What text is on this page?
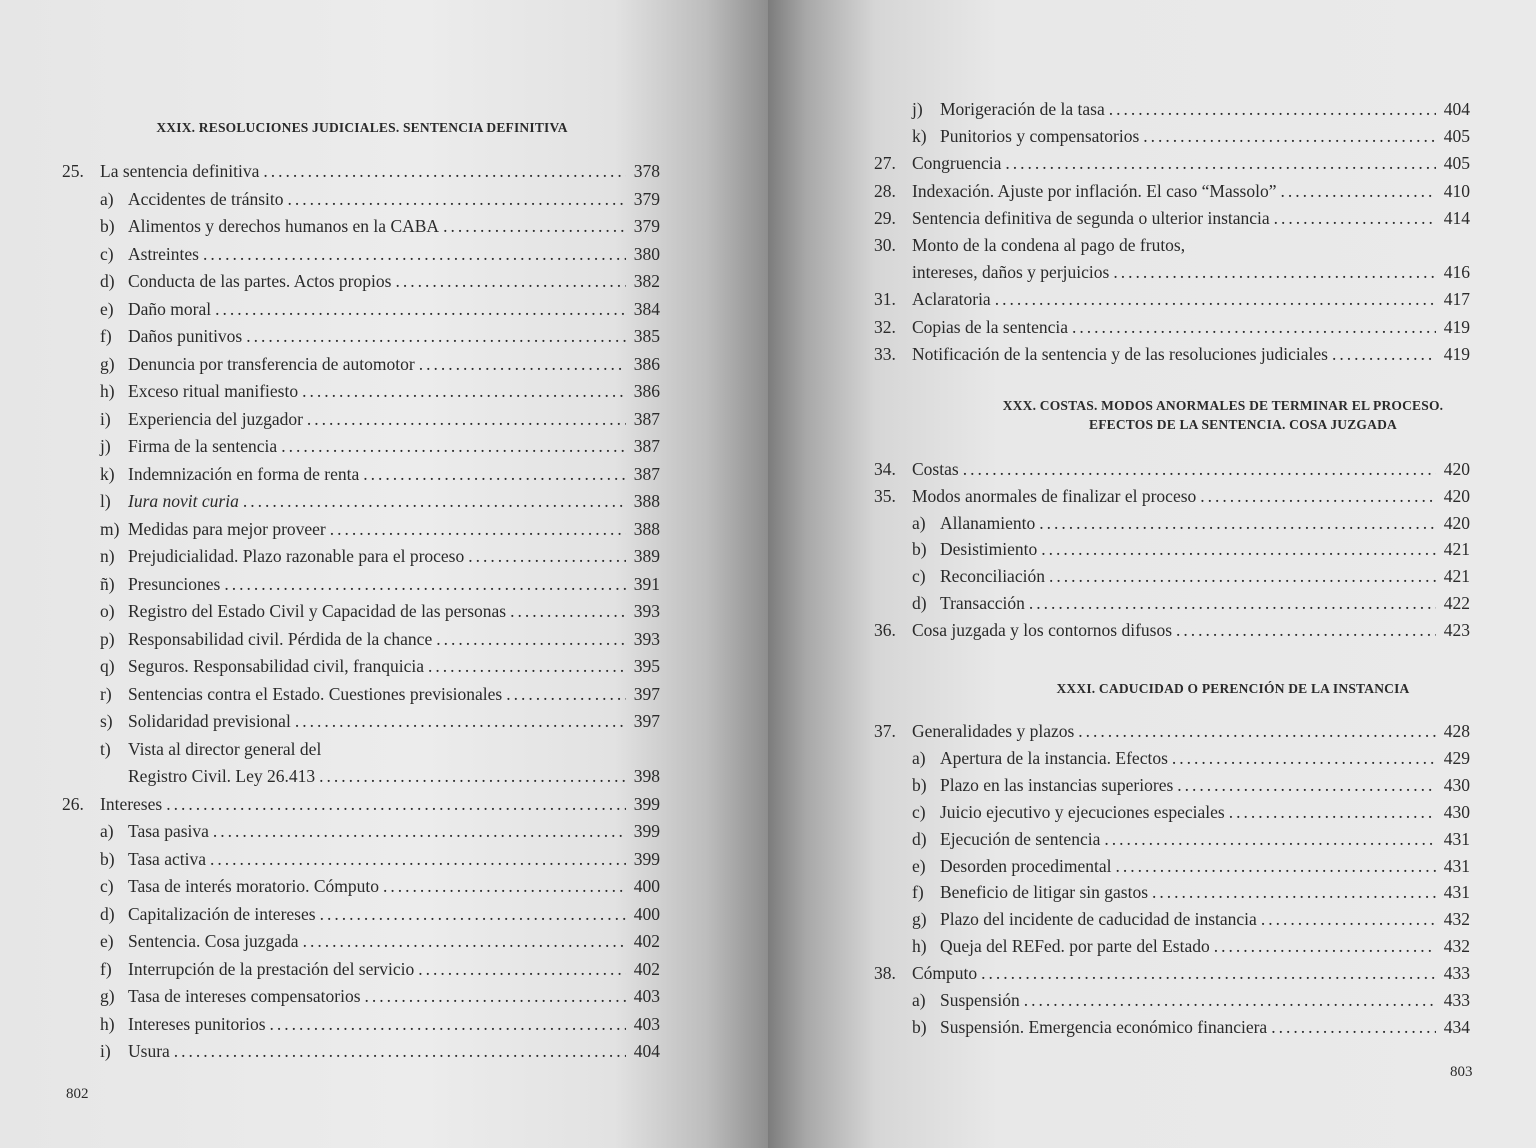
XXIX. RESOLUCIONES JUDICIALES. SENTENCIA DEFINITIVA
25. La sentencia definitiva .....	378
a) Accidentes de tránsito .....	379
b) Alimentos y derechos humanos en la CABA .....	379
c) Astreintes .....	380
d) Conducta de las partes. Actos propios .....	382
e) Daño moral .....	384
f) Daños punitivos .....	385
g) Denuncia por transferencia de automotor .....	386
h) Exceso ritual manifiesto .....	386
i) Experiencia del juzgador .....	387
j) Firma de la sentencia .....	387
k) Indemnización en forma de renta .....	387
l) Iura novit curia .....	388
m) Medidas para mejor proveer .....	388
n) Prejudicialidad. Plazo razonable para el proceso .....	389
ñ) Presunciones .....	391
o) Registro del Estado Civil y Capacidad de las personas .....	393
p) Responsabilidad civil. Pérdida de la chance .....	393
q) Seguros. Responsabilidad civil, franquicia .....	395
r) Sentencias contra el Estado. Cuestiones previsionales .....	397
s) Solidaridad previsional .....	397
t) Vista al director general del
Registro Civil. Ley 26.413 .....	398
26. Intereses .....	399
a) Tasa pasiva .....	399
b) Tasa activa .....	399
c) Tasa de interés moratorio. Cómputo .....	400
d) Capitalización de intereses .....	400
e) Sentencia. Cosa juzgada .....	402
f) Interrupción de la prestación del servicio .....	402
g) Tasa de intereses compensatorios .....	403
h) Intereses punitorios .....	403
i) Usura .....	404
802
j) Morigeración de la tasa .....	404
k) Punitorios y compensatorios .....	405
27. Congruencia .....	405
28. Indexación. Ajuste por inflación. El caso “Massolo” .....	410
29. Sentencia definitiva de segunda o ulterior instancia .....	414
30. Monto de la condena al pago de frutos,
intereses, daños y perjuicios .....	416
31. Aclaratoria .....	417
32. Copias de la sentencia .....	419
33. Notificación de la sentencia y de las resoluciones judiciales .....	419
34. Costas .....	420
35. Modos anormales de finalizar el proceso .....	420
a) Allanamiento .....	420
b) Desistimiento .....	421
c) Reconciliación .....	421
d) Transacción .....	422
36. Cosa juzgada y los contornos difusos .....	423
37. Generalidades y plazos .....	428
a) Apertura de la instancia. Efectos .....	429
b) Plazo en las instancias superiores .....	430
c) Juicio ejecutivo y ejecuciones especiales .....	430
d) Ejecución de sentencia .....	431
e) Desorden procedimental .....	431
f) Beneficio de litigar sin gastos .....	431
g) Plazo del incidente de caducidad de instancia .....	432
h) Queja del REFed. por parte del Estado .....	432
38. Cómputo .....	433
a) Suspensión .....	433
b) Suspensión. Emergencia económico financiera .....	434
XXX. COSTAS. MODOS ANORMALES DE TERMINAR EL PROCESO.
EFECTOS DE LA SENTENCIA. COSA JUZGADA
XXXI. CADUCIDAD O PERENCIÓN DE LA INSTANCIA
803
